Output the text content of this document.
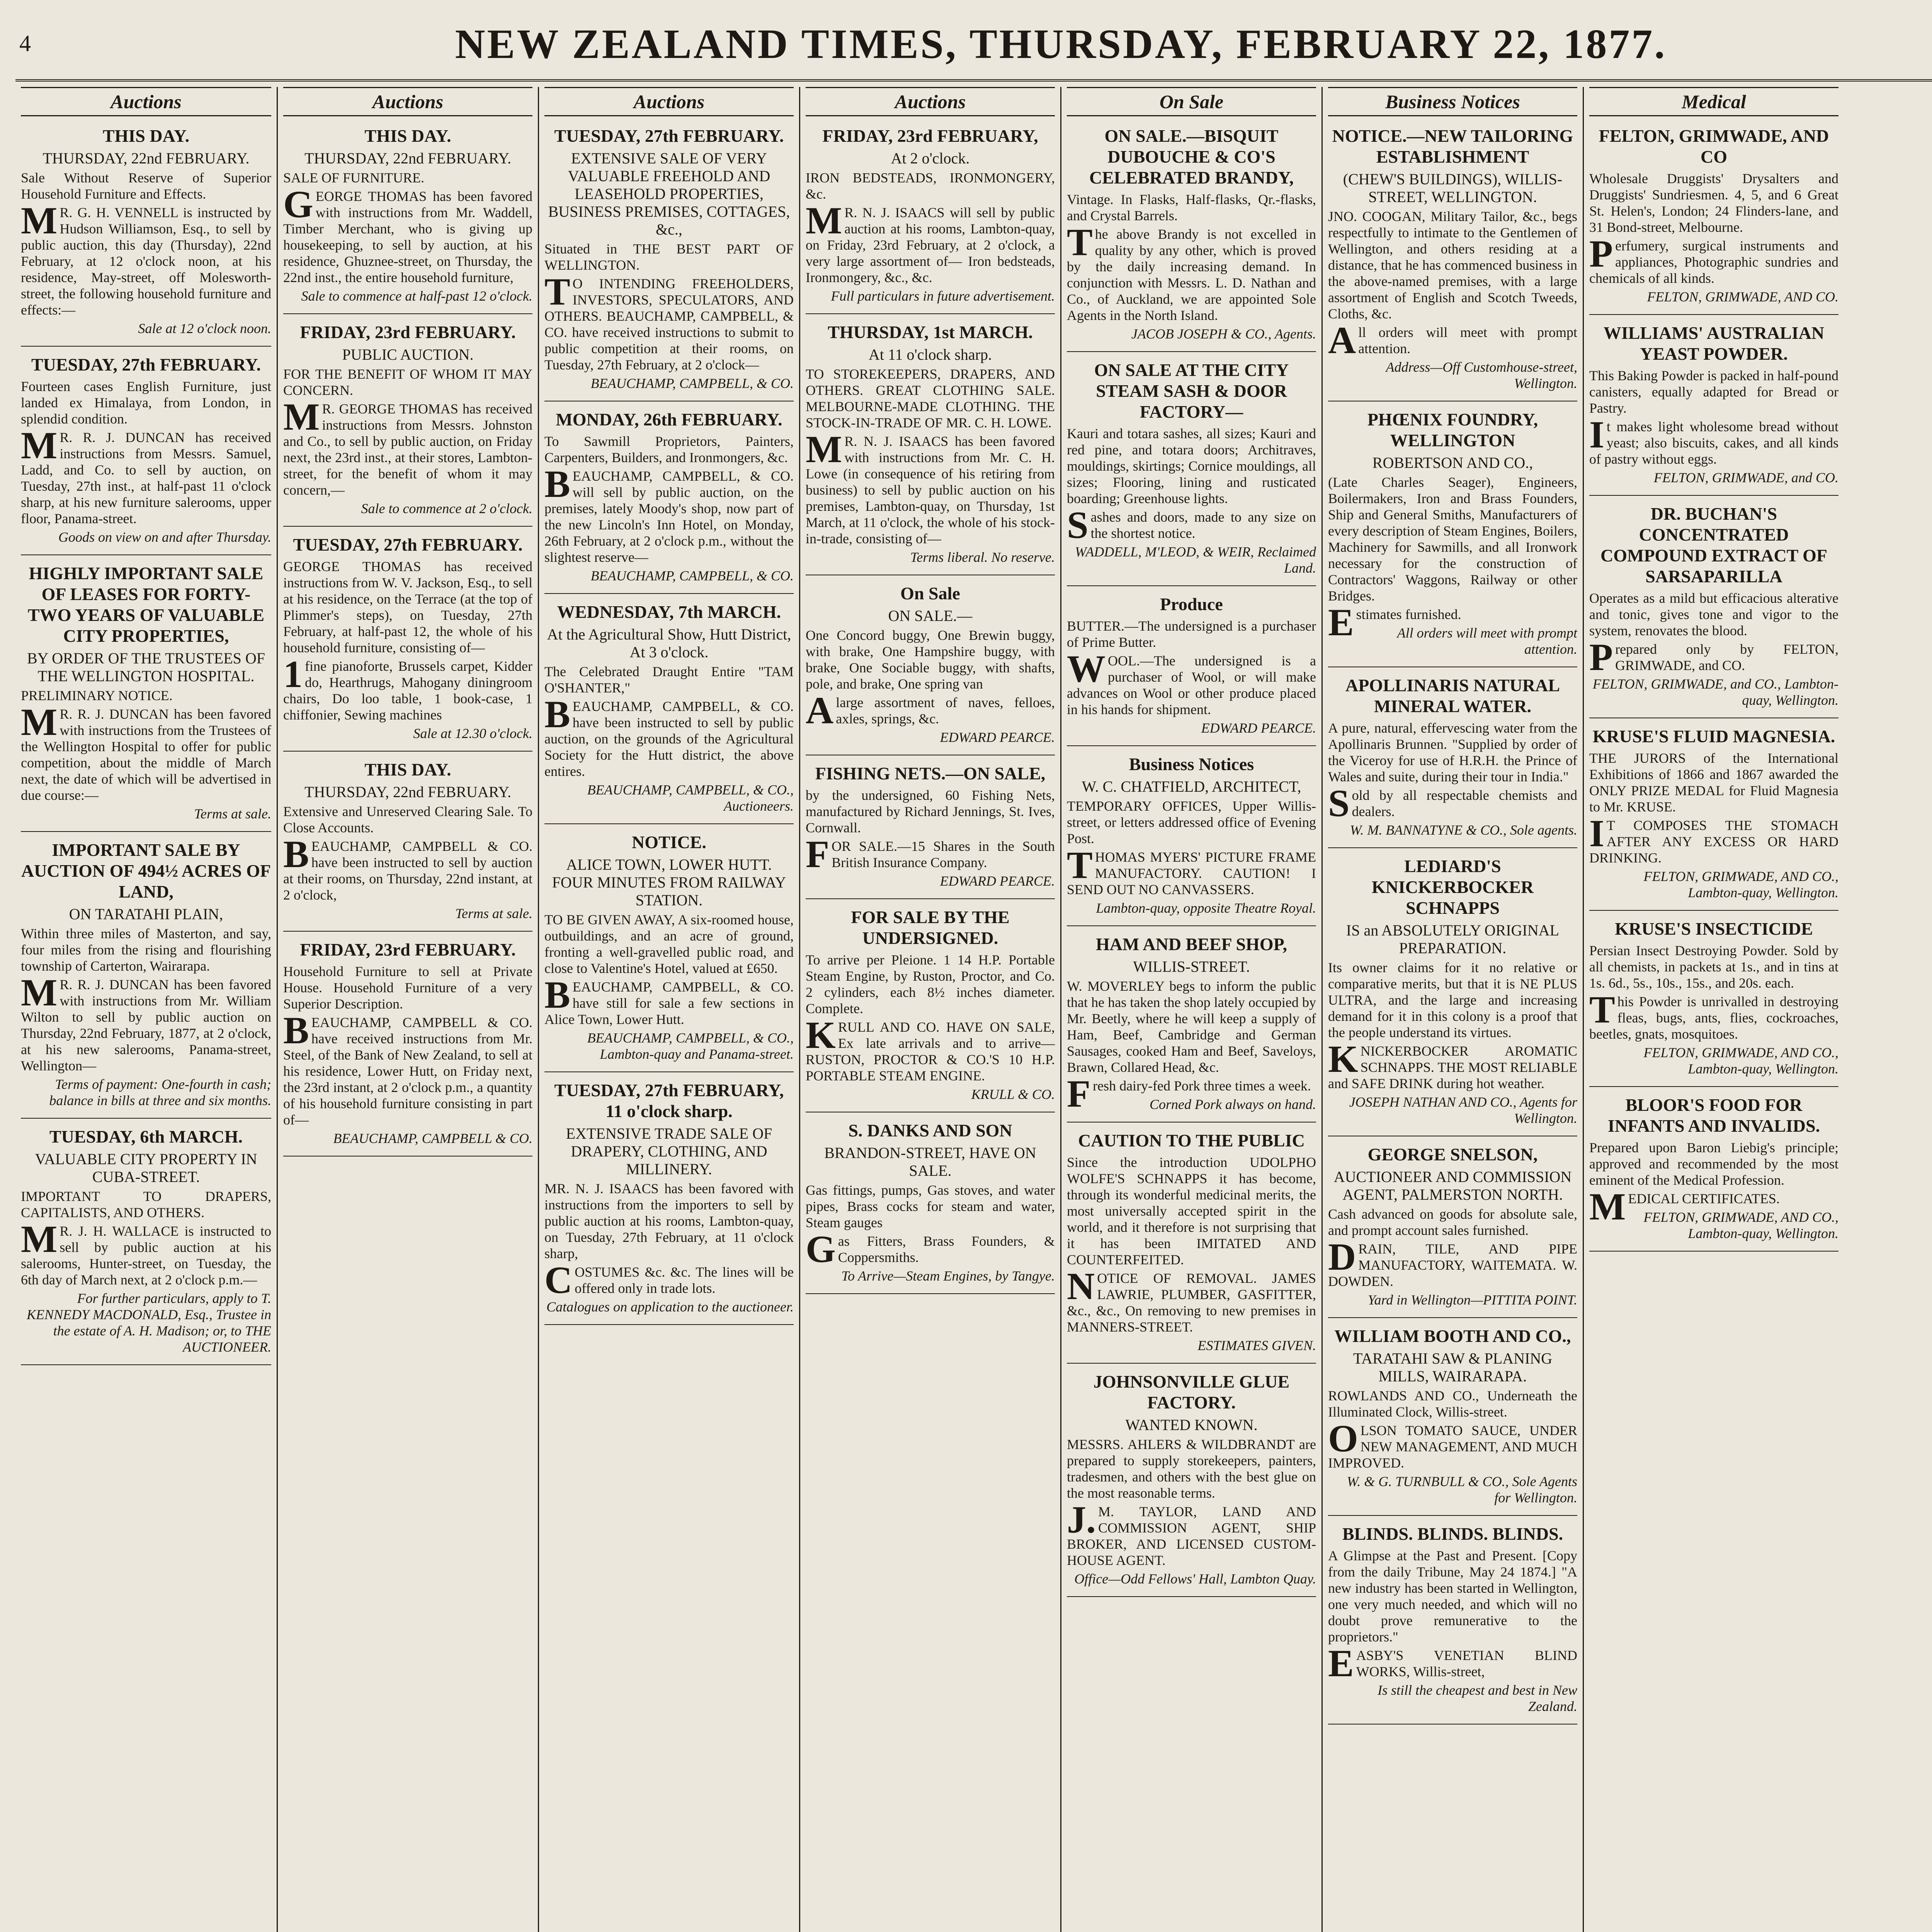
4	NEW ZEALAND TIMES, THURSDAY, FEBRUARY 22, 1877.
Auctions
THIS DAY.
THURSDAY, 22nd FEBRUARY.

Sale Without Reserve of Superior Household Furniture and Effects.

MR. G. H. VENNELL is instructed by Hudson Williamson, Esq., to sell by public auction, this day (Thursday), 22nd February, at 12 o'clock noon, at his residence, May-street, off Molesworth-street, the following household furniture and effects:—

Sale at 12 o'clock noon.

TUESDAY, 27th FEBRUARY.

Fourteen cases English Furniture, just landed ex Himalaya, from London, in splendid condition.

MR. R. J. DUNCAN has received instructions from Messrs. Samuel, Ladd, and Co. to sell by auction, on Tuesday, 27th inst., at half-past 11 o'clock sharp, at his new furniture salerooms, upper floor, Panama-street.

Goods on view on and after Thursday.

HIGHLY IMPORTANT SALE OF LEASES FOR FORTY-TWO YEARS OF VALUABLE CITY PROPERTIES,
BY ORDER OF THE TRUSTEES OF THE WELLINGTON HOSPITAL.

PRELIMINARY NOTICE.

MR. R. J. DUNCAN has been favored with instructions from the Trustees of the Wellington Hospital to offer for public competition, about the middle of March next, the date of which will be advertised in due course:—

Terms at sale.

IMPORTANT SALE BY AUCTION OF 494½ ACRES OF LAND,
ON TARATAHI PLAIN,

Within three miles of Masterton, and say, four miles from the rising and flourishing township of Carterton, Wairarapa.

MR. R. J. DUNCAN has been favored with instructions from Mr. William Wilton to sell by public auction on Thursday, 22nd February, 1877, at 2 o'clock, at his new salerooms, Panama-street, Wellington—

Terms of payment: One-fourth in cash; balance in bills at three and six months.

TUESDAY, 6th MARCH.
VALUABLE CITY PROPERTY IN CUBA-STREET.

IMPORTANT TO DRAPERS, CAPITALISTS, AND OTHERS.

MR. J. H. WALLACE is instructed to sell by public auction at his salerooms, Hunter-street, on Tuesday, the 6th day of March next, at 2 o'clock p.m.—

For further particulars, apply to T. KENNEDY MACDONALD, Esq., Trustee in the estate of A. H. Madison; or, to THE AUCTIONEER.

Auctions
THIS DAY.
THURSDAY, 22nd FEBRUARY.

SALE OF FURNITURE.

GEORGE THOMAS has been favored with instructions from Mr. Waddell, Timber Merchant, who is giving up housekeeping, to sell by auction, at his residence, Ghuznee-street, on Thursday, the 22nd inst., the entire household furniture,

Sale to commence at half-past 12 o'clock.

FRIDAY, 23rd FEBRUARY.
PUBLIC AUCTION.

FOR THE BENEFIT OF WHOM IT MAY CONCERN.

MR. GEORGE THOMAS has received instructions from Messrs. Johnston and Co., to sell by public auction, on Friday next, the 23rd inst., at their stores, Lambton-street, for the benefit of whom it may concern,—

Sale to commence at 2 o'clock.

TUESDAY, 27th FEBRUARY.

GEORGE THOMAS has received instructions from W. V. Jackson, Esq., to sell at his residence, on the Terrace (at the top of Plimmer's steps), on Tuesday, 27th February, at half-past 12, the whole of his household furniture, consisting of—

1fine pianoforte, Brussels carpet, Kidder do, Hearthrugs, Mahogany diningroom chairs, Do loo table, 1 book-case, 1 chiffonier, Sewing machines

Sale at 12.30 o'clock.

THIS DAY.
THURSDAY, 22nd FEBRUARY.

Extensive and Unreserved Clearing Sale. To Close Accounts.

BEAUCHAMP, CAMPBELL & CO. have been instructed to sell by auction at their rooms, on Thursday, 22nd instant, at 2 o'clock,

Terms at sale.

FRIDAY, 23rd FEBRUARY.

Household Furniture to sell at Private House. Household Furniture of a very Superior Description.

BEAUCHAMP, CAMPBELL & CO. have received instructions from Mr. Steel, of the Bank of New Zealand, to sell at his residence, Lower Hutt, on Friday next, the 23rd instant, at 2 o'clock p.m., a quantity of his household furniture consisting in part of—

BEAUCHAMP, CAMPBELL & CO.

Auctions
TUESDAY, 27th FEBRUARY.
EXTENSIVE SALE OF VERY VALUABLE FREEHOLD AND LEASEHOLD PROPERTIES, BUSINESS PREMISES, COTTAGES, &c.,

Situated in THE BEST PART OF WELLINGTON.

TO INTENDING FREEHOLDERS, INVESTORS, SPECULATORS, AND OTHERS. BEAUCHAMP, CAMPBELL, & CO. have received instructions to submit to public competition at their rooms, on Tuesday, 27th February, at 2 o'clock—

BEAUCHAMP, CAMPBELL, & CO.

MONDAY, 26th FEBRUARY.

To Sawmill Proprietors, Painters, Carpenters, Builders, and Ironmongers, &c.

BEAUCHAMP, CAMPBELL, & CO. will sell by public auction, on the premises, lately Moody's shop, now part of the new Lincoln's Inn Hotel, on Monday, 26th February, at 2 o'clock p.m., without the slightest reserve—

BEAUCHAMP, CAMPBELL, & CO.

WEDNESDAY, 7th MARCH.
At the Agricultural Show, Hutt District, At 3 o'clock.

The Celebrated Draught Entire "TAM O'SHANTER,"

BEAUCHAMP, CAMPBELL, & CO. have been instructed to sell by public auction, on the grounds of the Agricultural Society for the Hutt district, the above entires.

BEAUCHAMP, CAMPBELL, & CO., Auctioneers.

NOTICE.
ALICE TOWN, LOWER HUTT. FOUR MINUTES FROM RAILWAY STATION.

TO BE GIVEN AWAY, A six-roomed house, outbuildings, and an acre of ground, fronting a well-gravelled public road, and close to Valentine's Hotel, valued at £650.

BEAUCHAMP, CAMPBELL, & CO. have still for sale a few sections in Alice Town, Lower Hutt.

BEAUCHAMP, CAMPBELL, & CO., Lambton-quay and Panama-street.

TUESDAY, 27th FEBRUARY, 11 o'clock sharp.
EXTENSIVE TRADE SALE OF DRAPERY, CLOTHING, AND MILLINERY.

MR. N. J. ISAACS has been favored with instructions from the importers to sell by public auction at his rooms, Lambton-quay, on Tuesday, 27th February, at 11 o'clock sharp,

COSTUMES &c. &c. The lines will be offered only in trade lots.

Catalogues on application to the auctioneer.

Auctions
FRIDAY, 23rd FEBRUARY,
At 2 o'clock.

IRON BEDSTEADS, IRONMONGERY, &c.

MR. N. J. ISAACS will sell by public auction at his rooms, Lambton-quay, on Friday, 23rd February, at 2 o'clock, a very large assortment of— Iron bedsteads, Ironmongery, &c., &c.

Full particulars in future advertisement.

THURSDAY, 1st MARCH.
At 11 o'clock sharp.

TO STOREKEEPERS, DRAPERS, AND OTHERS. GREAT CLOTHING SALE. MELBOURNE-MADE CLOTHING. THE STOCK-IN-TRADE OF MR. C. H. LOWE.

MR. N. J. ISAACS has been favored with instructions from Mr. C. H. Lowe (in consequence of his retiring from business) to sell by public auction on his premises, Lambton-quay, on Thursday, 1st March, at 11 o'clock, the whole of his stock-in-trade, consisting of—

Terms liberal. No reserve.

On Sale
ON SALE.—

One Concord buggy, One Brewin buggy, with brake, One Hampshire buggy, with brake, One Sociable buggy, with shafts, pole, and brake, One spring van

Alarge assortment of naves, felloes, axles, springs, &c.

EDWARD PEARCE.

FISHING NETS.—ON SALE,

by the undersigned, 60 Fishing Nets, manufactured by Richard Jennings, St. Ives, Cornwall.

FOR SALE.—15 Shares in the South British Insurance Company.

EDWARD PEARCE.

FOR SALE BY THE UNDERSIGNED.

To arrive per Pleione. 1 14 H.P. Portable Steam Engine, by Ruston, Proctor, and Co. 2 cylinders, each 8½ inches diameter. Complete.

KRULL AND CO. HAVE ON SALE, Ex late arrivals and to arrive— RUSTON, PROCTOR & CO.'S 10 H.P. PORTABLE STEAM ENGINE.

KRULL & CO.

S. DANKS AND SON
BRANDON-STREET, HAVE ON SALE.

Gas fittings, pumps, Gas stoves, and water pipes, Brass cocks for steam and water, Steam gauges

Gas Fitters, Brass Founders, & Coppersmiths.

To Arrive—Steam Engines, by Tangye.

On Sale
ON SALE.—BISQUIT DUBOUCHE & CO'S CELEBRATED BRANDY,

Vintage. In Flasks, Half-flasks, Qr.-flasks, and Crystal Barrels.

The above Brandy is not excelled in quality by any other, which is proved by the daily increasing demand. In conjunction with Messrs. L. D. Nathan and Co., of Auckland, we are appointed Sole Agents in the North Island.

JACOB JOSEPH & CO., Agents.

ON SALE AT THE CITY STEAM SASH & DOOR FACTORY—

Kauri and totara sashes, all sizes; Kauri and red pine, and totara doors; Architraves, mouldings, skirtings; Cornice mouldings, all sizes; Flooring, lining and rusticated boarding; Greenhouse lights.

Sashes and doors, made to any size on the shortest notice.

WADDELL, M'LEOD, & WEIR, Reclaimed Land.

Produce

BUTTER.—The undersigned is a purchaser of Prime Butter.

WOOL.—The undersigned is a purchaser of Wool, or will make advances on Wool or other produce placed in his hands for shipment.

EDWARD PEARCE.

Business Notices
W. C. CHATFIELD, ARCHITECT,

TEMPORARY OFFICES, Upper Willis-street, or letters addressed office of Evening Post.

THOMAS MYERS' PICTURE FRAME MANUFACTORY. CAUTION! I SEND OUT NO CANVASSERS.

Lambton-quay, opposite Theatre Royal.

HAM AND BEEF SHOP,
WILLIS-STREET.

W. MOVERLEY begs to inform the public that he has taken the shop lately occupied by Mr. Beetly, where he will keep a supply of Ham, Beef, Cambridge and German Sausages, cooked Ham and Beef, Saveloys, Brawn, Collared Head, &c.

Fresh dairy-fed Pork three times a week.

Corned Pork always on hand.

CAUTION TO THE PUBLIC

Since the introduction UDOLPHO WOLFE'S SCHNAPPS it has become, through its wonderful medicinal merits, the most universally accepted spirit in the world, and it therefore is not surprising that it has been IMITATED AND COUNTERFEITED.

NOTICE OF REMOVAL. JAMES LAWRIE, PLUMBER, GASFITTER, &c., &c., On removing to new premises in MANNERS-STREET.

ESTIMATES GIVEN.

JOHNSONVILLE GLUE FACTORY.
WANTED KNOWN.

MESSRS. AHLERS & WILDBRANDT are prepared to supply storekeepers, painters, tradesmen, and others with the best glue on the most reasonable terms.

J.M. TAYLOR, LAND AND COMMISSION AGENT, SHIP BROKER, AND LICENSED CUSTOM-HOUSE AGENT.

Office—Odd Fellows' Hall, Lambton Quay.

Business Notices
NOTICE.—NEW TAILORING ESTABLISHMENT
(CHEW'S BUILDINGS), WILLIS-STREET, WELLINGTON.

JNO. COOGAN, Military Tailor, &c., begs respectfully to intimate to the Gentlemen of Wellington, and others residing at a distance, that he has commenced business in the above-named premises, with a large assortment of English and Scotch Tweeds, Cloths, &c.

All orders will meet with prompt attention.

Address—Off Customhouse-street, Wellington.

PHŒNIX FOUNDRY, WELLINGTON
ROBERTSON AND CO.,

(Late Charles Seager), Engineers, Boilermakers, Iron and Brass Founders, Ship and General Smiths, Manufacturers of every description of Steam Engines, Boilers, Machinery for Sawmills, and all Ironwork necessary for the construction of Contractors' Waggons, Railway or other Bridges.

Estimates furnished.

All orders will meet with prompt attention.

APOLLINARIS NATURAL MINERAL WATER.

A pure, natural, effervescing water from the Apollinaris Brunnen. "Supplied by order of the Viceroy for use of H.R.H. the Prince of Wales and suite, during their tour in India."

Sold by all respectable chemists and dealers.

W. M. BANNATYNE & CO., Sole agents.

LEDIARD'S KNICKERBOCKER SCHNAPPS
IS an ABSOLUTELY ORIGINAL PREPARATION.

Its owner claims for it no relative or comparative merits, but that it is NE PLUS ULTRA, and the large and increasing demand for it in this colony is a proof that the people understand its virtues.

KNICKERBOCKER AROMATIC SCHNAPPS. THE MOST RELIABLE and SAFE DRINK during hot weather.

JOSEPH NATHAN AND CO., Agents for Wellington.

GEORGE SNELSON,
AUCTIONEER AND COMMISSION AGENT, PALMERSTON NORTH.

Cash advanced on goods for absolute sale, and prompt account sales furnished.

DRAIN, TILE, AND PIPE MANUFACTORY, WAITEMATA. W. DOWDEN.

Yard in Wellington—PITTITA POINT.

WILLIAM BOOTH AND CO.,
TARATAHI SAW & PLANING MILLS, WAIRARAPA.

ROWLANDS AND CO., Underneath the Illuminated Clock, Willis-street.

OLSON TOMATO SAUCE, UNDER NEW MANAGEMENT, AND MUCH IMPROVED.

W. & G. TURNBULL & CO., Sole Agents for Wellington.

BLINDS. BLINDS. BLINDS.

A Glimpse at the Past and Present. [Copy from the daily Tribune, May 24 1874.] "A new industry has been started in Wellington, one very much needed, and which will no doubt prove remunerative to the proprietors."

EASBY'S VENETIAN BLIND WORKS, Willis-street,

Is still the cheapest and best in New Zealand.

Medical
FELTON, GRIMWADE, AND CO

Wholesale Druggists' Drysalters and Druggists' Sundriesmen. 4, 5, and 6 Great St. Helen's, London; 24 Flinders-lane, and 31 Bond-street, Melbourne.

Perfumery, surgical instruments and appliances, Photographic sundries and chemicals of all kinds.

FELTON, GRIMWADE, AND CO.

WILLIAMS' AUSTRALIAN YEAST POWDER.

This Baking Powder is packed in half-pound canisters, equally adapted for Bread or Pastry.

It makes light wholesome bread without yeast; also biscuits, cakes, and all kinds of pastry without eggs.

FELTON, GRIMWADE, and CO.

DR. BUCHAN'S CONCENTRATED COMPOUND EXTRACT OF SARSAPARILLA

Operates as a mild but efficacious alterative and tonic, gives tone and vigor to the system, renovates the blood.

Prepared only by FELTON, GRIMWADE, and CO.

FELTON, GRIMWADE, and CO., Lambton-quay, Wellington.

KRUSE'S FLUID MAGNESIA.

THE JURORS of the International Exhibitions of 1866 and 1867 awarded the ONLY PRIZE MEDAL for Fluid Magnesia to Mr. KRUSE.

IT COMPOSES THE STOMACH AFTER ANY EXCESS OR HARD DRINKING.

FELTON, GRIMWADE, AND CO., Lambton-quay, Wellington.

KRUSE'S INSECTICIDE

Persian Insect Destroying Powder. Sold by all chemists, in packets at 1s., and in tins at 1s. 6d., 5s., 10s., 15s., and 20s. each.

This Powder is unrivalled in destroying fleas, bugs, ants, flies, cockroaches, beetles, gnats, mosquitoes.

FELTON, GRIMWADE, AND CO., Lambton-quay, Wellington.

BLOOR'S FOOD FOR INFANTS AND INVALIDS.

Prepared upon Baron Liebig's principle; approved and recommended by the most eminent of the Medical Profession.

MEDICAL CERTIFICATES.

FELTON, GRIMWADE, AND CO., Lambton-quay, Wellington.
